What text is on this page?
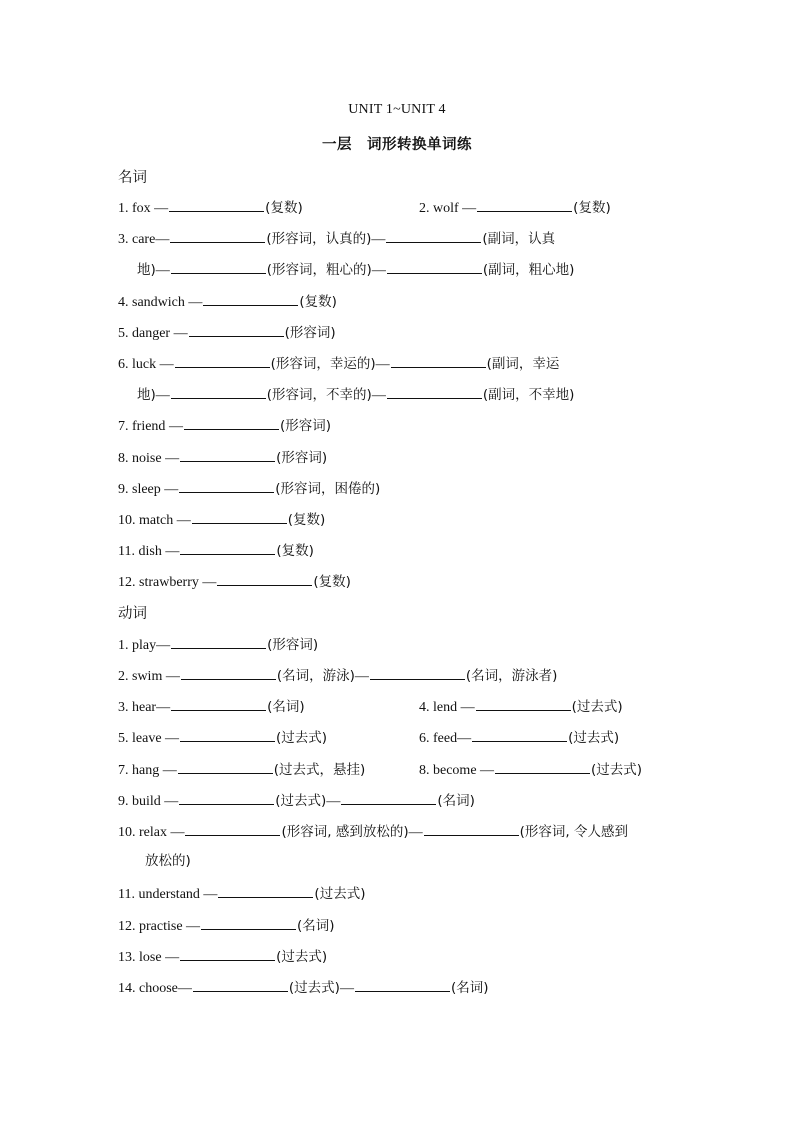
UNIT 1~UNIT 4
一层　词形转换单词练
名词
1. fox —	(复数)	2. wolf —	(复数)
3. care—	(形容词，认真的)—	(副词，认真
地)—	(形容词，粗心的)—	(副词，粗心地)
4. sandwich —	(复数)
5. danger —	(形容词)
6. luck —	(形容词，幸运的)—	(副词，幸运
地)—	(形容词，不幸的)—	(副词，不幸地)
7. friend —	(形容词)
8. noise —	(形容词)
9. sleep —	(形容词，困倦的)
10. match —	(复数)
11. dish —	(复数)
12. strawberry —	(复数)
动词
1. play—	(形容词)
2. swim —	(名词，游泳)—	(名词，游泳者)
3. hear—	(名词)	4. lend —	(过去式)
5. leave —	(过去式)	6. feed—	(过去式)
7. hang —	(过去式，悬挂)	8. become —	(过去式)
9. build —	(过去式)—	(名词)
10. relax —	(形容词, 感到放松的)—	(形容词, 令人感到
放松的)
11. understand —	(过去式)
12. practise —	(名词)
13. lose —	(过去式)
14. choose—	(过去式)—	(名词)
